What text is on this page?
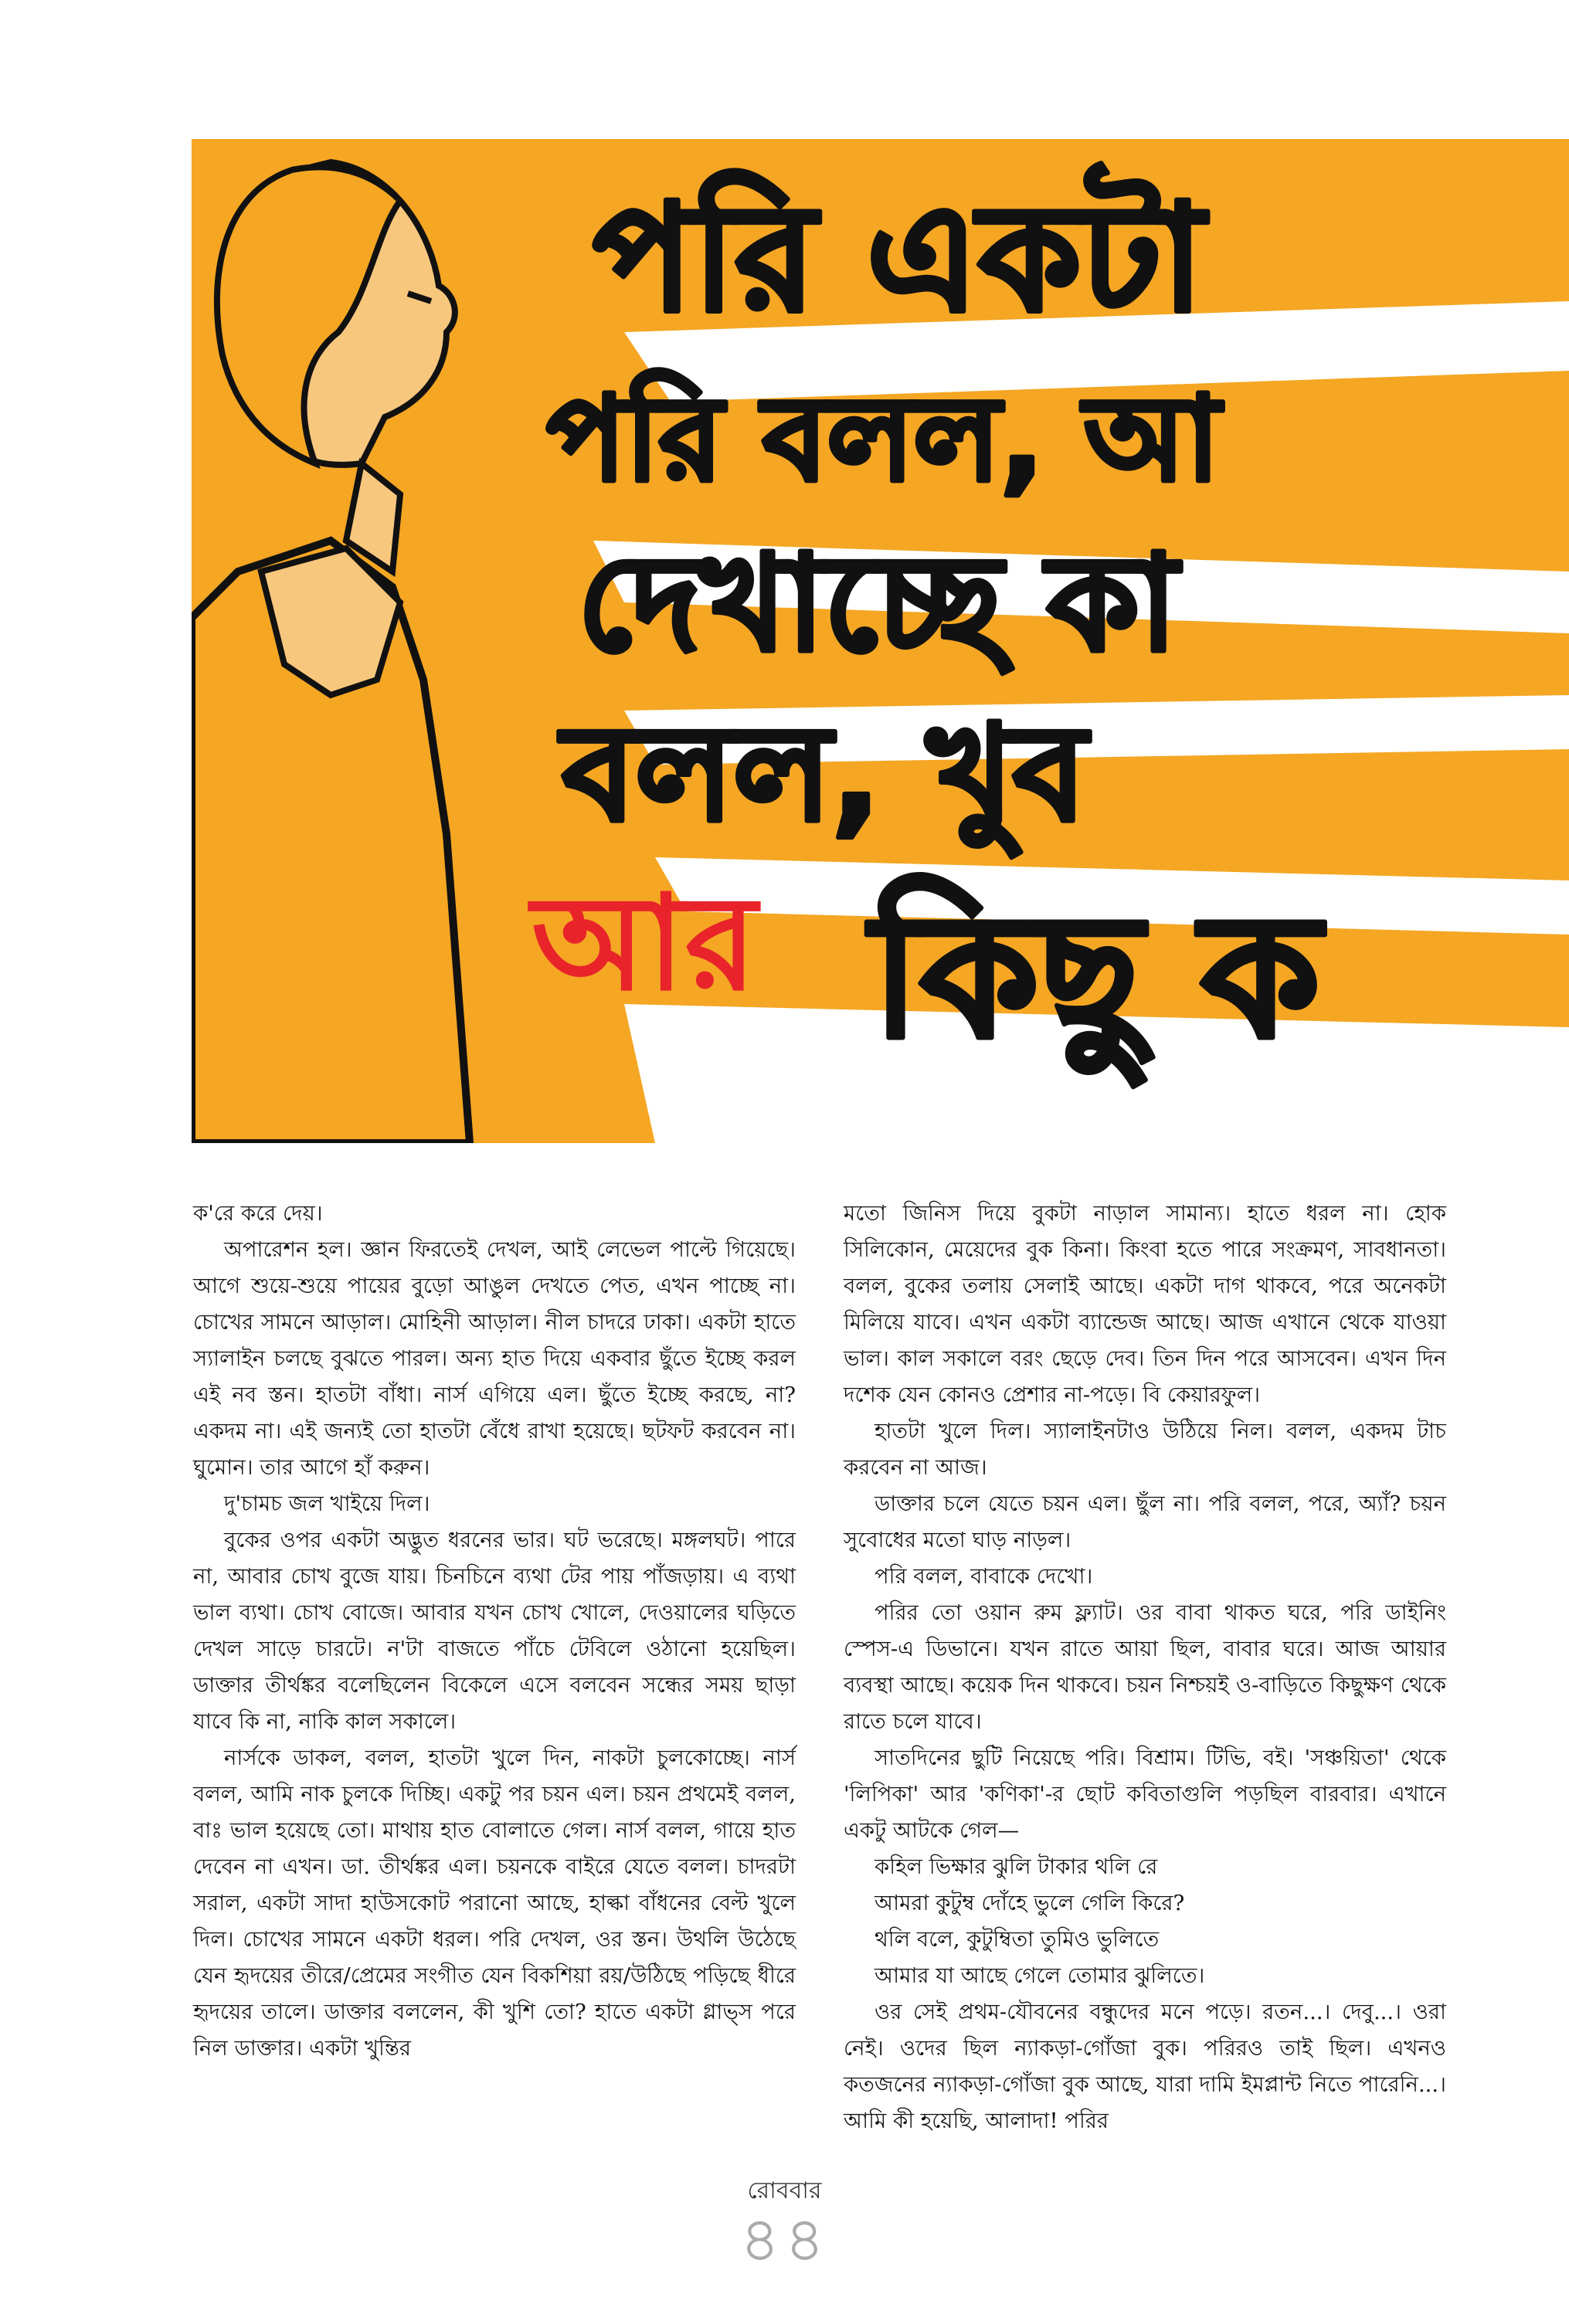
পরি একটা
পরি বলল, আ
দেখাচ্ছে কা
বলল, খুব
আর কিছু ক

ক'রে করে দেয়।

অপারেশন হল। জ্ঞান ফিরতেই দেখল, আই লেভেল পাল্টে গিয়েছে। আগে শুয়ে-শুয়ে পায়ের বুড়ো আঙুল দেখতে পেত, এখন পাচ্ছে না। চোখের সামনে আড়াল। মোহিনী আড়াল। নীল চাদরে ঢাকা। একটা হাতে স্যালাইন চলছে বুঝতে পারল। অন্য হাত দিয়ে একবার ছুঁতে ইচ্ছে করল এই নব স্তন। হাতটা বাঁধা। নার্স এগিয়ে এল। ছুঁতে ইচ্ছে করছে, না? একদম না। এই জন্যই তো হাতটা বেঁধে রাখা হয়েছে। ছটফট করবেন না। ঘুমোন। তার আগে হাঁ করুন।

দু'চামচ জল খাইয়ে দিল।

বুকের ওপর একটা অদ্ভুত ধরনের ভার। ঘট ভরেছে। মঙ্গলঘট। পারে না, আবার চোখ বুজে যায়। চিনচিনে ব্যথা টের পায় পাঁজড়ায়। এ ব্যথা ভাল ব্যথা। চোখ বোজে। আবার যখন চোখ খোলে, দেওয়ালের ঘড়িতে দেখল সাড়ে চারটে। ন'টা বাজতে পাঁচে টেবিলে ওঠানো হয়েছিল। ডাক্তার তীর্থঙ্কর বলেছিলেন বিকেলে এসে বলবেন সন্ধের সময় ছাড়া যাবে কি না, নাকি কাল সকালে।

নার্সকে ডাকল, বলল, হাতটা খুলে দিন, নাকটা চুলকোচ্ছে। নার্স বলল, আমি নাক চুলকে দিচ্ছি। একটু পর চয়ন এল। চয়ন প্রথমেই বলল, বাঃ ভাল হয়েছে তো। মাথায় হাত বোলাতে গেল। নার্স বলল, গায়ে হাত দেবেন না এখন। ডা. তীর্থঙ্কর এল। চয়নকে বাইরে যেতে বলল। চাদরটা সরাল, একটা সাদা হাউসকোট পরানো আছে, হাল্কা বাঁধনের বেল্ট খুলে দিল। চোখের সামনে একটা ধরল। পরি দেখল, ওর স্তন। উথলি উঠেছে যেন হৃদয়ের তীরে/প্রেমের সংগীত যেন বিকশিয়া রয়/উঠিছে পড়িছে ধীরে হৃদয়ের তালে। ডাক্তার বললেন, কী খুশি তো? হাতে একটা গ্লাভ্‌স পরে নিল ডাক্তার। একটা খুন্তির

মতো জিনিস দিয়ে বুকটা নাড়াল সামান্য। হাতে ধরল না। হোক সিলিকোন, মেয়েদের বুক কিনা। কিংবা হতে পারে সংক্রমণ, সাবধানতা। বলল, বুকের তলায় সেলাই আছে। একটা দাগ থাকবে, পরে অনেকটা মিলিয়ে যাবে। এখন একটা ব্যান্ডেজ আছে। আজ এখানে থেকে যাওয়া ভাল। কাল সকালে বরং ছেড়ে দেব। তিন দিন পরে আসবেন। এখন দিন দশেক যেন কোনও প্রেশার না-পড়ে। বি কেয়ারফুল।

হাতটা খুলে দিল। স্যালাইনটাও উঠিয়ে নিল। বলল, একদম টাচ করবেন না আজ।

ডাক্তার চলে যেতে চয়ন এল। ছুঁল না। পরি বলল, পরে, অ্যাঁ? চয়ন সুবোধের মতো ঘাড় নাড়ল।

পরি বলল, বাবাকে দেখো।

পরির তো ওয়ান রুম ফ্ল্যাট। ওর বাবা থাকত ঘরে, পরি ডাইনিং স্পেস-এ ডিভানে। যখন রাতে আয়া ছিল, বাবার ঘরে। আজ আয়ার ব্যবস্থা আছে। কয়েক দিন থাকবে। চয়ন নিশ্চয়ই ও-বাড়িতে কিছুক্ষণ থেকে রাতে চলে যাবে।

সাতদিনের ছুটি নিয়েছে পরি। বিশ্রাম। টিভি, বই। 'সঞ্চয়িতা' থেকে 'লিপিকা' আর 'কণিকা'-র ছোট কবিতাগুলি পড়ছিল বারবার। এখানে একটু আটকে গেল—

কহিল ভিক্ষার ঝুলি টাকার থলি রে

আমরা কুটুম্ব দোঁহে ভুলে গেলি কিরে?

থলি বলে, কুটুম্বিতা তুমিও ভুলিতে

আমার যা আছে গেলে তোমার ঝুলিতে।

ওর সেই প্রথম-যৌবনের বন্ধুদের মনে পড়ে। রতন...। দেবু...। ওরা নেই। ওদের ছিল ন্যাকড়া-গোঁজা বুক। পরিরও তাই ছিল। এখনও কতজনের ন্যাকড়া-গোঁজা বুক আছে, যারা দামি ইমপ্লান্ট নিতে পারেনি...। আমি কী হয়েছি, আলাদা! পরির

রোববার
৪৪
